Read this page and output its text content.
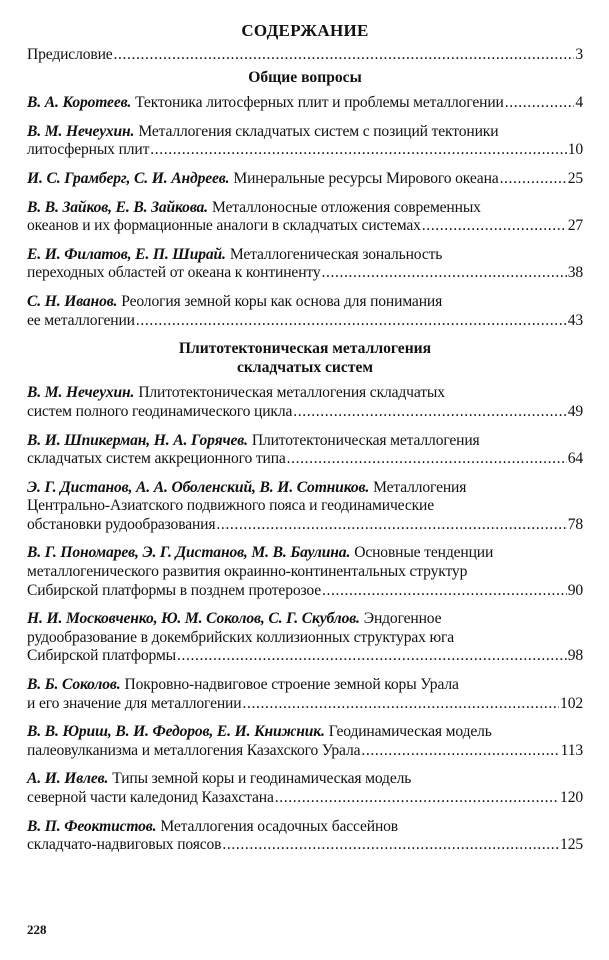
СОДЕРЖАНИЕ
Предисловие .....	3
Общие вопросы
В. А. Коротеев. Тектоника литосферных плит и проблемы металлогении .....	4
В. М. Нечеухин. Металлогения складчатых систем с позиций тектоники
литосферных плит .....	10
И. С. Грамберг, С. И. Андреев. Минеральные ресурсы Мирового океана .....	25
В. В. Зайков, Е. В. Зайкова. Металлоносные отложения современных
океанов и их формационные аналоги в складчатых системах .....	27
Е. И. Филатов, Е. П. Ширай. Металлогеническая зональность
переходных областей от океана к континенту .....	38
С. Н. Иванов. Реология земной коры как основа для понимания
ее металлогении .....	43
Плитотектоническая металлогения
складчатых систем
В. М. Нечеухин. Плитотектоническая металлогения складчатых
систем полного геодинамического цикла .....	49
В. И. Шпикерман, Н. А. Горячев. Плитотектоническая металлогения
складчатых систем аккреционного типа .....	64
Э. Г. Дистанов, А. А. Оболенский, В. И. Сотников. Металлогения
Центрально-Азиатского подвижного пояса и геодинамические
обстановки рудообразования .....	78
В. Г. Пономарев, Э. Г. Дистанов, М. В. Баулина. Основные тенденции
металлогенического развития окраинно-континентальных структур
Сибирской платформы в позднем протерозое .....	90
Н. И. Московченко, Ю. М. Соколов, С. Г. Скублов. Эндогенное
рудообразование в докембрийских коллизионных структурах юга
Сибирской платформы .....	98
В. Б. Соколов. Покровно-надвиговое строение земной коры Урала
и его значение для металлогении .....	102
В. В. Юриш, В. И. Федоров, Е. И. Книжник. Геодинамическая модель
палеовулканизма и металлогения Казахского Урала .....	113
А. И. Ивлев. Типы земной коры и геодинамическая модель
северной части каледонид Казахстана .....	120
В. П. Феоктистов. Металлогения осадочных бассейнов
складчато-надвиговых поясов .....	125
228
